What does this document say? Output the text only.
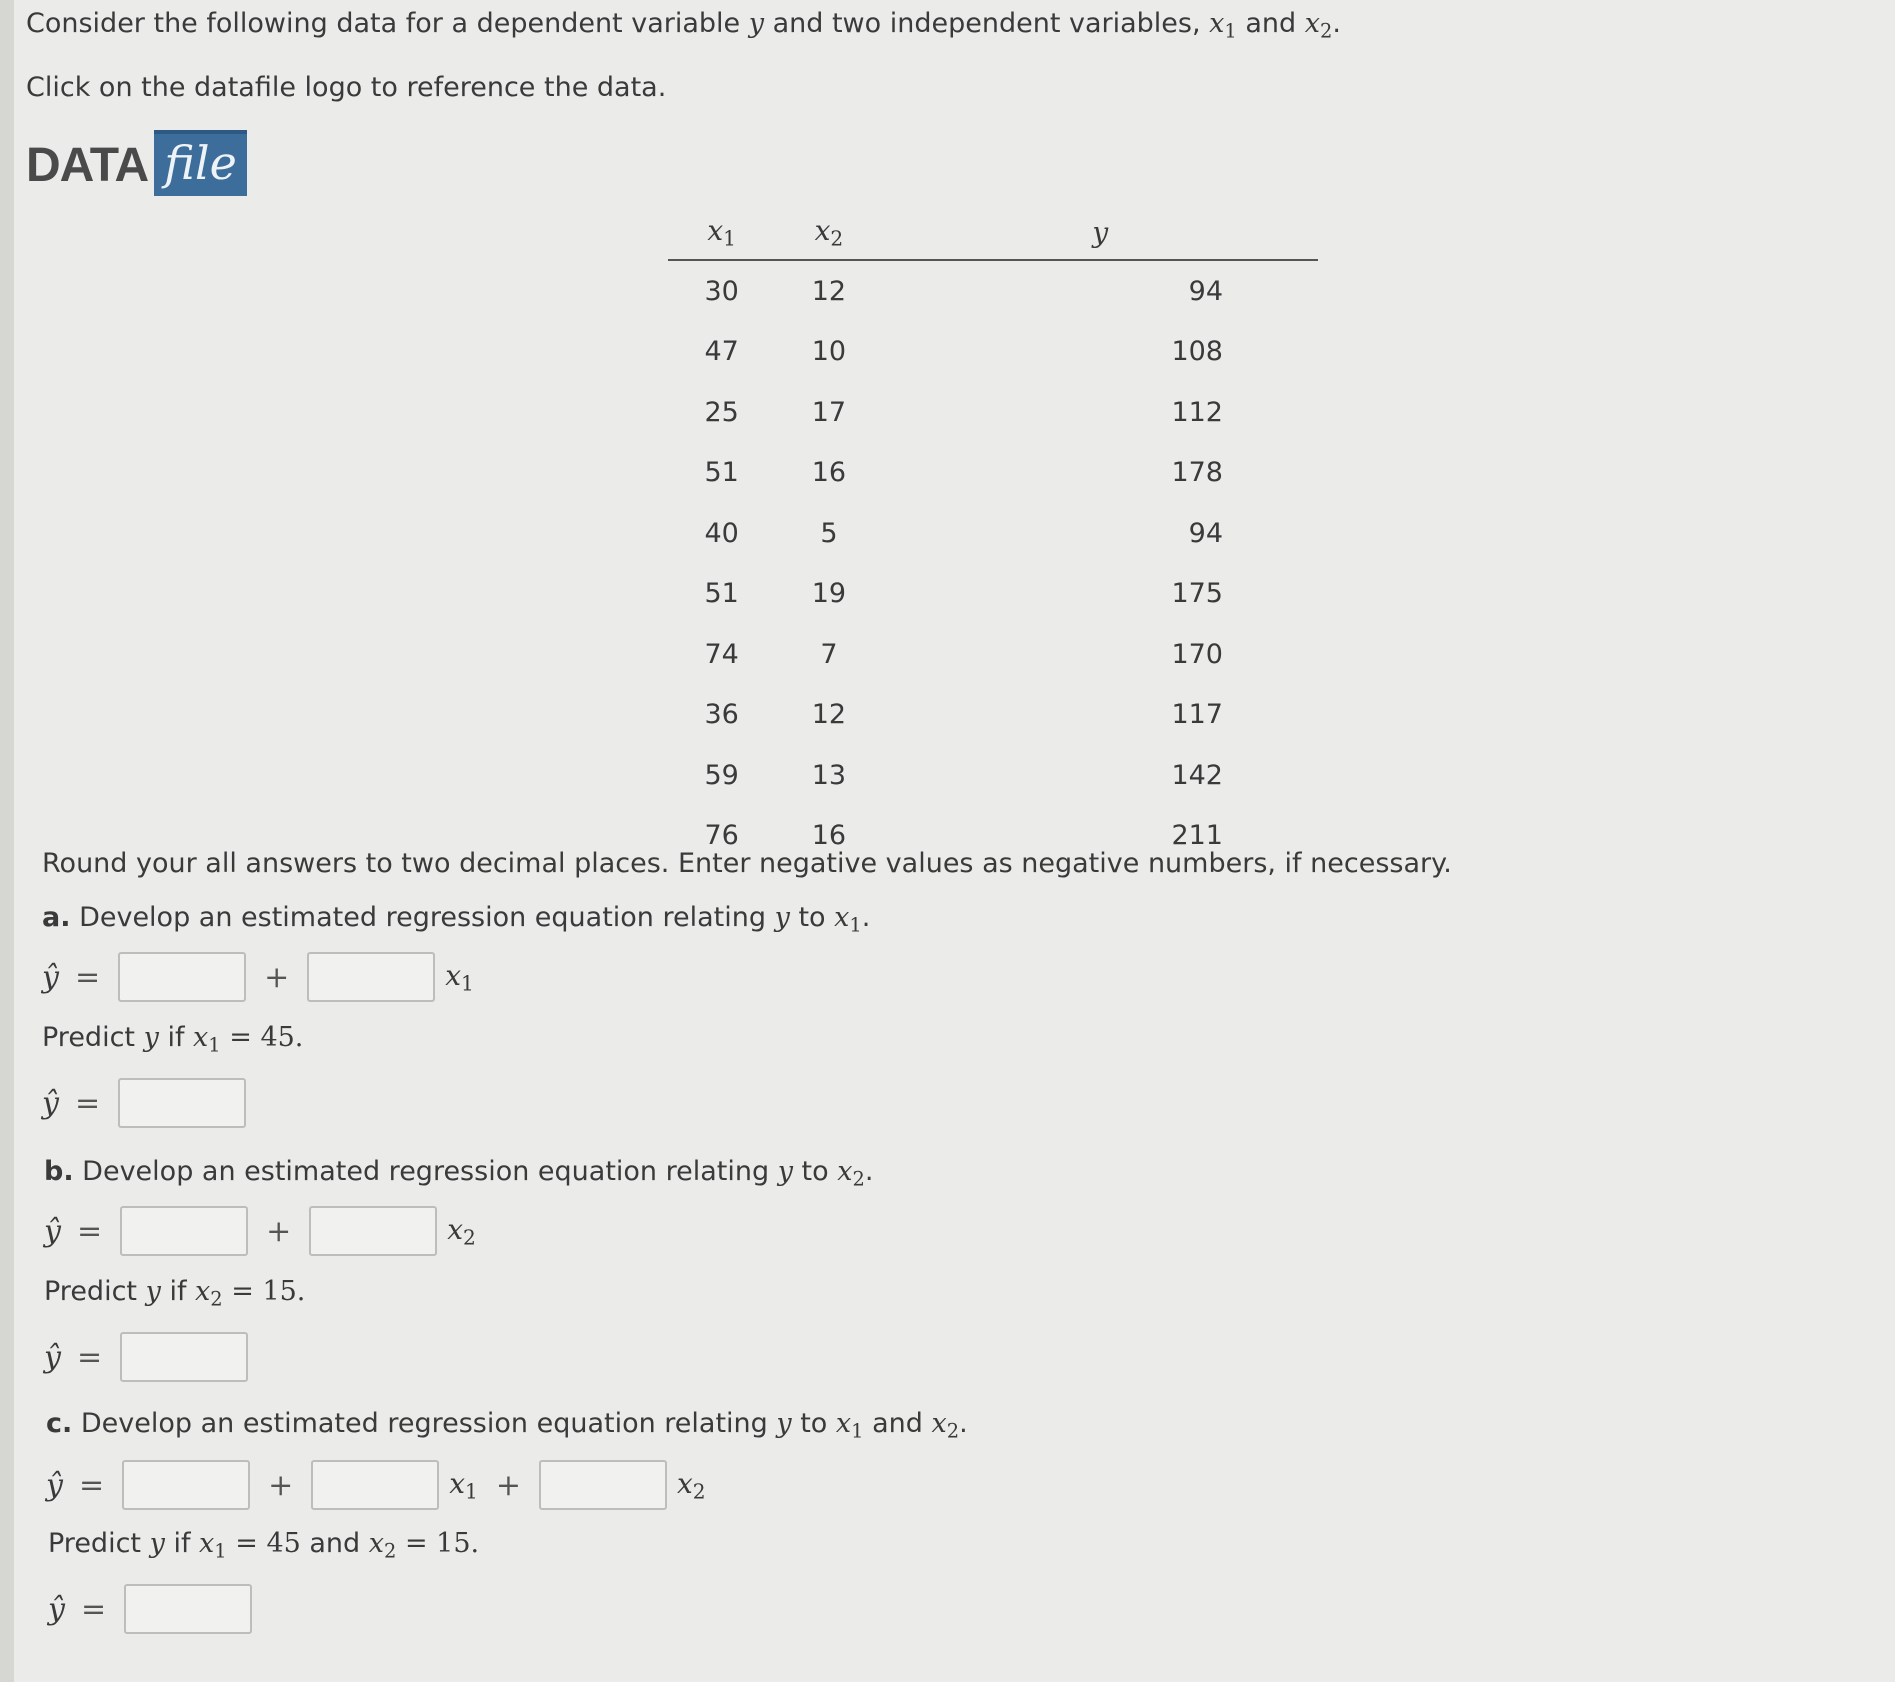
Consider the following data for a dependent variable y and two independent variables, $x_1$ and $x_2$.
Click on the datafile logo to reference the data.
DATA file
$x_1$	$x_2$	y
30	12	94
47	10	108
25	17	112
51	16	178
40	5	94
51	19	175
74	7	170
36	12	117
59	13	142
76	16	211
Round your all answers to two decimal places. Enter negative values as negative numbers, if necessary.
a. Develop an estimated regression equation relating y to $x_1$.
ŷ =	+	$x_1$
Predict y if $x_1 = 45$.
ŷ =
b. Develop an estimated regression equation relating y to $x_2$.
ŷ =	+	$x_2$
Predict y if $x_2 = 15$.
ŷ =
c. Develop an estimated regression equation relating y to $x_1$ and $x_2$.
ŷ =	+	$x_1$ +	$x_2$
Predict y if $x_1 = 45$ and $x_2 = 15$.
ŷ =
